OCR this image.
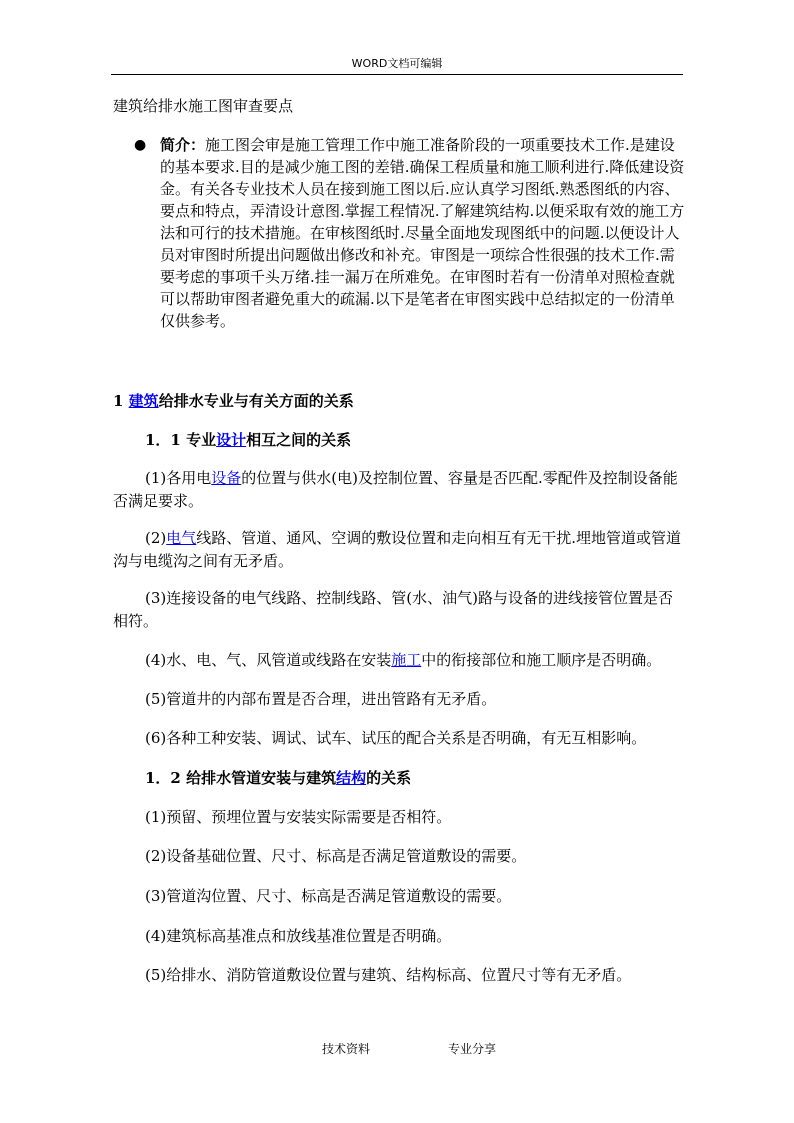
WORD文档可编辑
建筑给排水施工图审查要点
● 简介：施工图会审是施工管理工作中施工准备阶段的一项重要技术工作.是建设的基本要求.目的是减少施工图的差错.确保工程质量和施工顺利进行.降低建设资金。有关各专业技术人员在接到施工图以后.应认真学习图纸.熟悉图纸的内容、要点和特点，弄清设计意图.掌握工程情况.了解建筑结构.以便采取有效的施工方法和可行的技术措施。在审核图纸时.尽量全面地发现图纸中的问题.以便设计人员对审图时所提出问题做出修改和补充。审图是一项综合性很强的技术工作.需要考虑的事项千头万绪.挂一漏万在所难免。在审图时若有一份清单对照检查就可以帮助审图者避免重大的疏漏.以下是笔者在审图实践中总结拟定的一份清单仅供参考。
1 建筑给排水专业与有关方面的关系
1．1 专业设计相互之间的关系
(1)各用电设备的位置与供水(电)及控制位置、容量是否匹配.零配件及控制设备能否满足要求。
(2)电气线路、管道、通风、空调的敷设位置和走向相互有无干扰.埋地管道或管道沟与电缆沟之间有无矛盾。
(3)连接设备的电气线路、控制线路、管(水、油气)路与设备的进线接管位置是否相符。
(4)水、电、气、风管道或线路在安装施工中的衔接部位和施工顺序是否明确。
(5)管道井的内部布置是否合理，进出管路有无矛盾。
(6)各种工种安装、调试、试车、试压的配合关系是否明确，有无互相影响。
1．2 给排水管道安装与建筑结构的关系
(1)预留、预埋位置与安装实际需要是否相符。
(2)设备基础位置、尺寸、标高是否满足管道敷设的需要。
(3)管道沟位置、尺寸、标高是否满足管道敷设的需要。
(4)建筑标高基准点和放线基准位置是否明确。
(5)给排水、消防管道敷设位置与建筑、结构标高、位置尺寸等有无矛盾。
技术资料	专业分享
